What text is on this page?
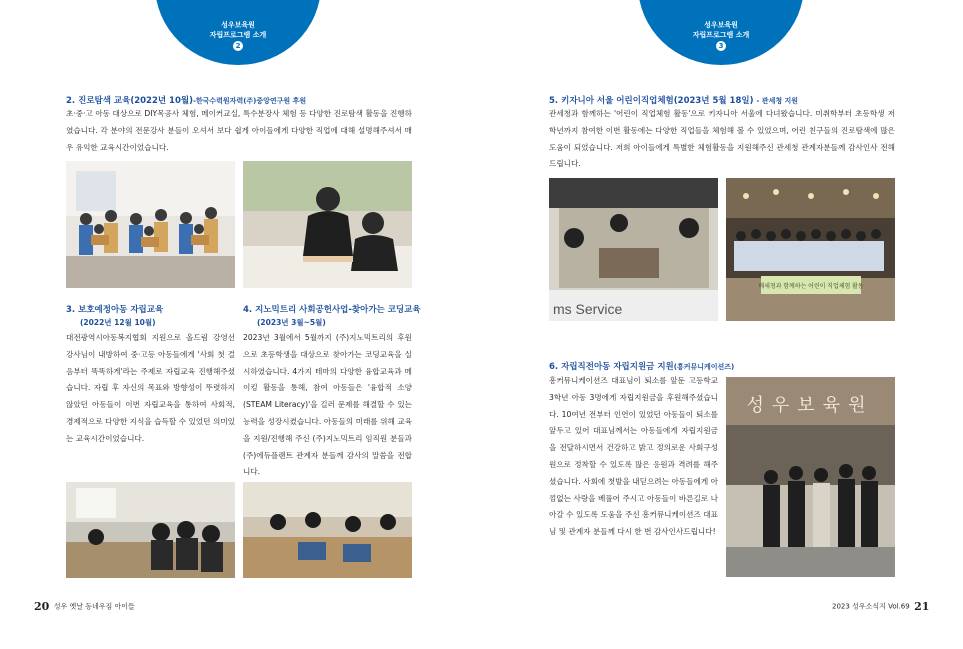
성우보육원
자립프로그램 소개
2
2. 진로탐색 교육(2022년 10월)-한국수력원자력(주)중앙연구원 후원
초·중·고 아동 대상으로 DIY목공사 체험, 메이커교실, 특수분장사 체험 등 다양한 진로탐색 활동을 진행하였습니다. 각 분야의 전문강사 분들이 오셔서 보다 쉽게 아이들에게 다양한 직업에 대해 설명해주셔서 매우 유익한 교육시간이었습니다.
3. 보호예정아동 자립교육
(2022년 12월 10월)
대전광역시아동복지협회 지원으로 올드림 강영선 강사님이 내방하여 중·고등 아동들에게 '사회 첫 걸음부터 똑똑하게'라는 주제로 자립교육 진행해주셨습니다. 자립 후 자신의 목표와 방향성이 뚜렷하지 않았던 아동들이 이번 자립교육을 통하여 사회적, 경제적으로 다양한 지식을 습득할 수 있었던 의미있는 교육시간이었습니다.
4. 지노믹트리 사회공헌사업-찾아가는 코딩교육
(2023년 3월~5월)
2023년 3월에서 5월까지 (주)지노믹트리의 후원으로 초등학생을 대상으로 찾아가는 코딩교육을 실시하였습니다. 4가지 테마의 다양한 융합교육과 메이킹 활동을 통해, 참여 아동들은 '융합적 소양(STEAM Literacy)'을 길러 문제를 해결할 수 있는 능력을 성장시켰습니다. 아동들의 미래를 위해 교육을 지원/진행해 주신 (주)지노믹트리 임직원 분들과 (주)에듀플랜트 관계자 분들께 감사의 말씀을 전합니다.
20 성우 옛날 동네우짐 아이들
성우보육원
자립프로그램 소개
3
5. 키자니아 서울 어린이직업체험(2023년 5월 18일) - 관세청 지원
관세청과 함께하는 '어린이 직업체험 활동'으로 키자니아 서울에 다녀왔습니다. 미취학부터 초등학생 저학년까지 참여한 이번 활동에는 다양한 직업들을 체험해 볼 수 있었으며, 어린 친구들의 진로탐색에 많은 도움이 되었습니다. 저희 아이들에게 특별한 체험활동을 지원해주신 관세청 관계자분들께 감사인사 전해드립니다.
ms Service
배세청과 함께하는 어린이 직업체험 활동
6. 자립직전아동 자립지원금 지원(흥커뮤니케이션즈)
흥커뮤니케이션즈 대표님이 퇴소를 앞둔 고등학교 3학년 아동 3명에게 자립지원금을 후원해주셨습니다. 10여년 전부터 인연이 있었던 아동들이 퇴소를 앞두고 있어 대표님께서는 아동들에게 자립지원금을 전달하시면서 건강하고 밝고 정의로운 사회구성원으로 정착할 수 있도록 많은 응원과 격려를 해주셨습니다. 사회에 첫발을 내딛으려는 아동들에게 아낌없는 사랑을 베풀어 주시고 아동들이 바른길로 나아갈 수 있도록 도움을 주신 흥커뮤니케이션즈 대표님 및 관계자 분들께 다시 한 번 감사인사드립니다!
성우보육원
2023 성우소식지 Vol.69 21
